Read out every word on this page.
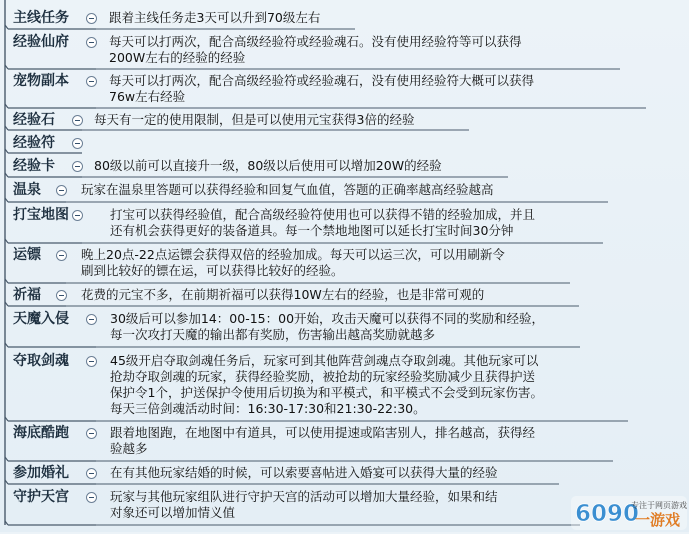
主线任务	跟着主线任务走3天可以升到70级左右
经验仙府	每天可以打两次，配合高级经验符或经验魂石。没有使用经验符等可以获得
200W左右的经验的经验
宠物副本	每天可以打两次，配合高级经验符或经验魂石，没有使用经验符大概可以获得
76w左右经验
经验石	每天有一定的使用限制，但是可以使用元宝获得3倍的经验
经验符
经验卡	80级以前可以直接升一级，80级以后使用可以增加20W的经验
温泉	玩家在温泉里答题可以获得经验和回复气血值，答题的正确率越高经验越高
打宝地图	打宝可以获得经验值，配合高级经验符使用也可以获得不错的经验加成，并且
还有机会获得更好的装备道具。每一个禁地地图可以延长打宝时间30分钟
运镖	晚上20点-22点运镖会获得双倍的经验加成。每天可以运三次，可以用刷新令
刷到比较好的镖在运，可以获得比较好的经验。
祈福	花费的元宝不多，在前期祈福可以获得10W左右的经验，也是非常可观的
天魔入侵	30级后可以参加14：00-15：00开始，攻击天魔可以获得不同的奖励和经验，
每一次攻打天魔的输出都有奖励，伤害输出越高奖励就越多
夺取剑魂	45级开启夺取剑魂任务后，玩家可到其他阵营剑魂点夺取剑魂。其他玩家可以
抢劫夺取剑魂的玩家，获得经验奖励，被抢劫的玩家经验奖励减少且获得护送
保护令1个，护送保护令使用后切换为和平模式，和平模式不会受到玩家伤害。
每天三倍剑魂活动时间：16:30-17:30和21:30-22:30。
海底酷跑	跟着地图跑，在地图中有道具，可以使用提速或陷害别人，排名越高，获得经
验越多
参加婚礼	在有其他玩家结婚的时候，可以索要喜帖进入婚宴可以获得大量的经验
守护天宫	玩家与其他玩家组队进行守护天宫的活动可以增加大量经验，如果和结
对象还可以增加情义值	6090
专注于网页游戏
一游戏
